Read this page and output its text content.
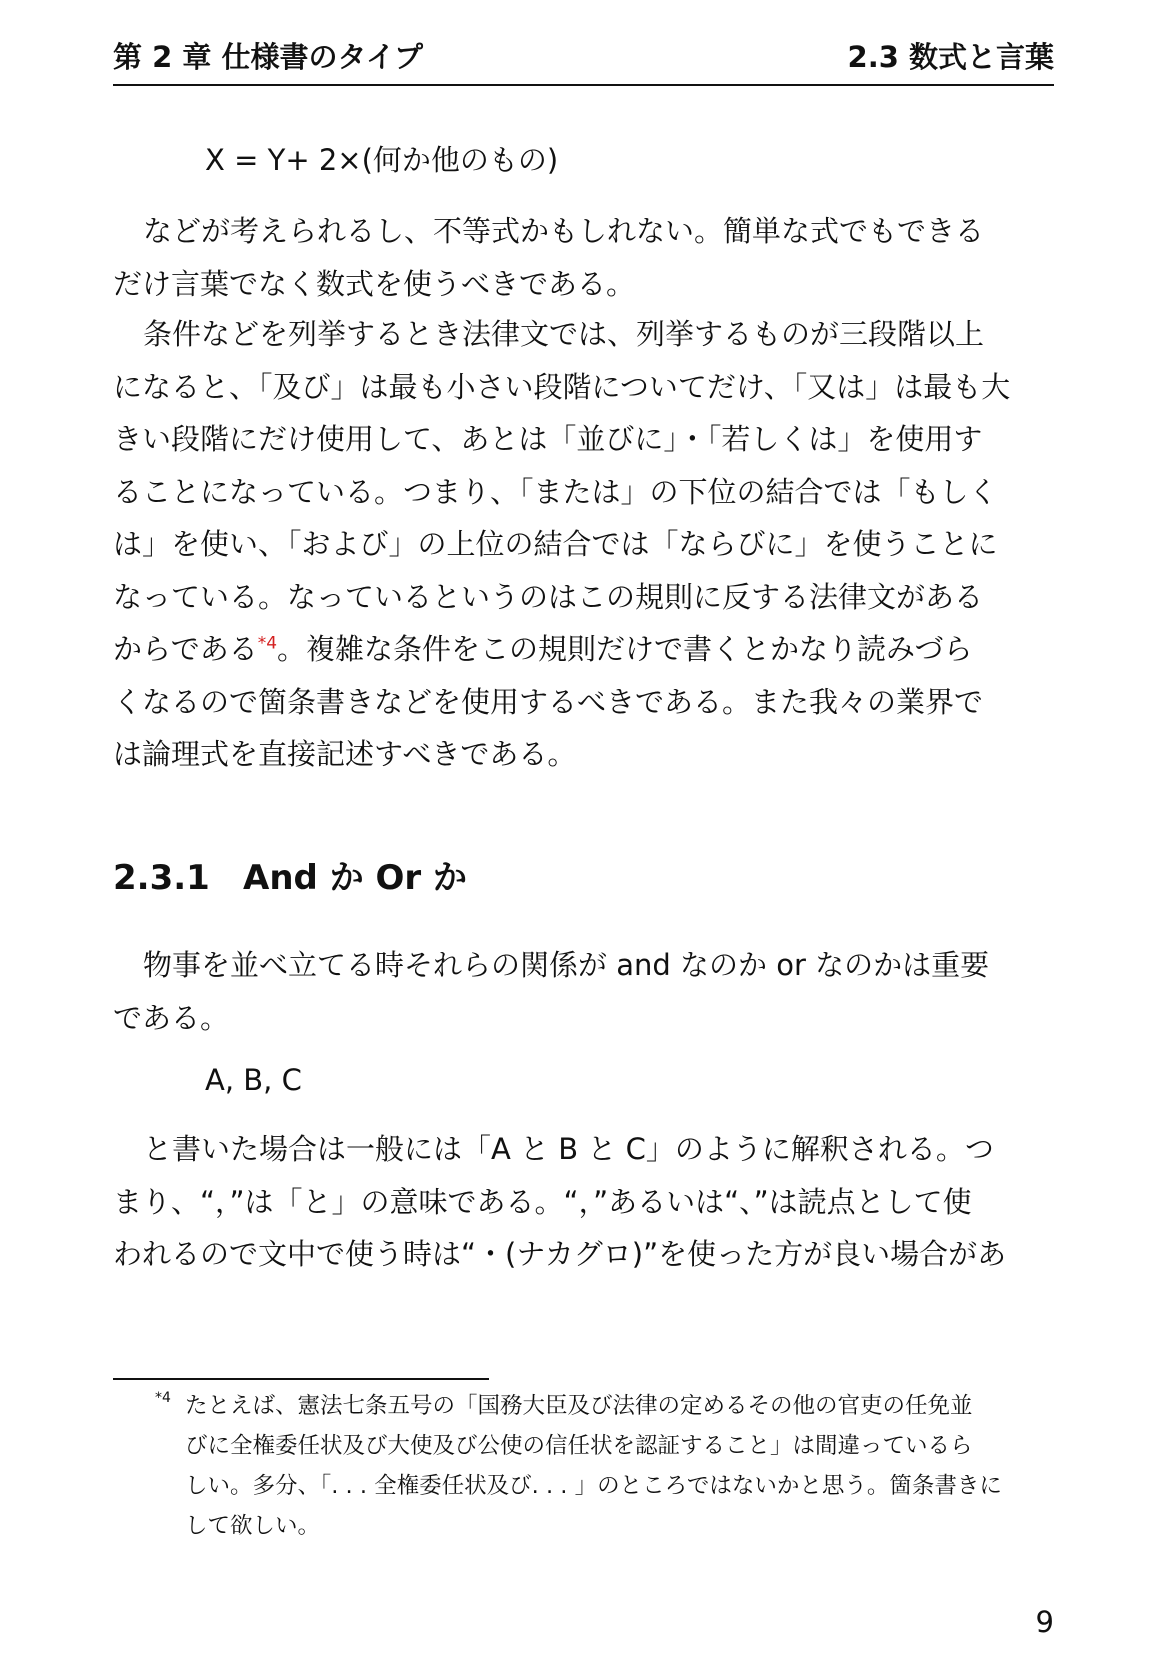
第 2 章 仕様書のタイプ	2.3 数式と言葉
X = Y+ 2×(何か他のもの)

などが考えられるし、不等式かもしれない。簡単な式でもできる
だけ言葉でなく数式を使うべきである。

条件などを列挙するとき法律文では、列挙するものが三段階以上
になると、「及び」は最も小さい段階についてだけ、「又は」は最も大
きい段階にだけ使用して、あとは「並びに」・「若しくは」を使用す
ることになっている。つまり、「または」の下位の結合では「もしく
は」を使い、「および」の上位の結合では「ならびに」を使うことに
なっている。なっているというのはこの規則に反する法律文がある
からである$^{*4}$。複雑な条件をこの規則だけで書くとかなり読みづら
くなるので箇条書きなどを使用するべきである。また我々の業界で
は論理式を直接記述すべきである。

2.3.1 And か Or か

物事を並べ立てる時それらの関係が and なのか or なのかは重要
である。

A, B, C

と書いた場合は一般には「A と B と C」のように解釈される。つ
まり、“，”は「と」の意味である。“，”あるいは“、”は読点として使
われるので文中で使う時は“・(ナカグロ)”を使った方が良い場合があ

*4 たとえば、憲法七条五号の「国務大臣及び法律の定めるその他の官吏の任免並
びに全権委任状及び大使及び公使の信任状を認証すること」は間違っているら
しい。多分、「. . . 全権委任状及び. . . 」のところではないかと思う。箇条書きに
して欲しい。
9
